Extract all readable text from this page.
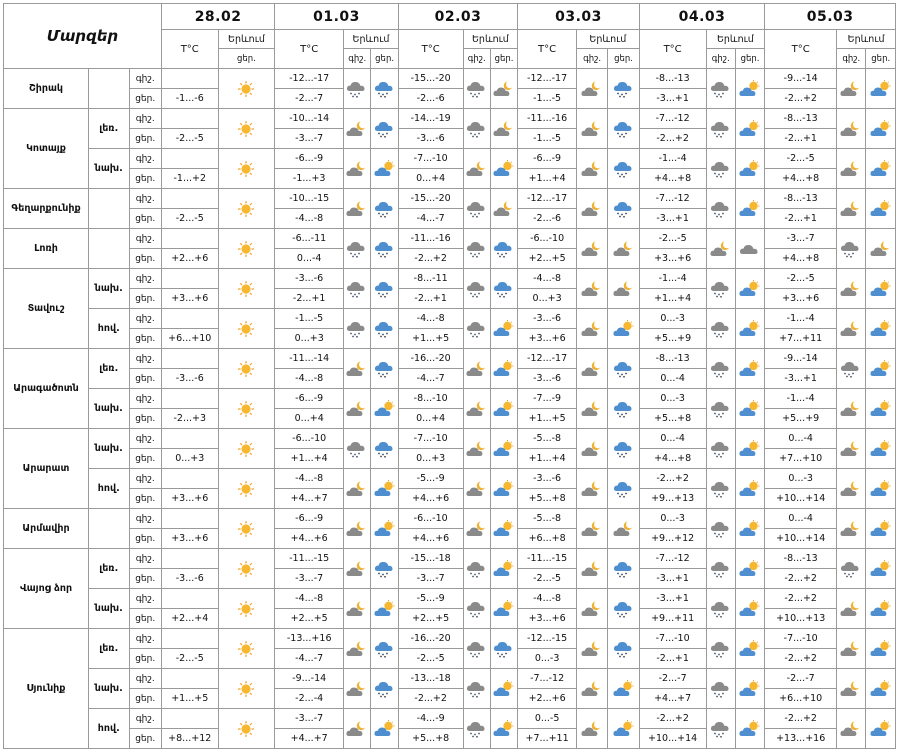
Մարզեր			28.02		01.03			02.03			03.03			04.03			05.03		
			T°C	Երևում	T°C	Երևում		T°C	Երևում		T°C	Երևում		T°C	Երևում		T°C	Երևում	
				ցեր.		գիշ.	ցեր.		գիշ.	ցեր.		գիշ.	ցեր.		գիշ.	ցեր.		գիշ.	ցեր.
Շիրակ		գիշ.			-12...-17			-15...-20			-12...-17			-8...-13			-9...-14	

		ցեր.	-1...-6		-2...-7			-2...-6			-1...-5			-3...+1			-2...+2		
Կոտայք	լեռ.	գիշ.			-10...-14			-14...-19			-11...-16			-7...-12			-8...-13	

		ցեր.	-2...-5		-3...-7			-3...-6			-1...-5			-2...+2			-2...+1		
	նախ.	գիշ.			-6...-9			-7...-10			-6...-9			-1...-4			-2...-5	

		ցեր.	-1...+2		-1...+3			0...+4			+1...+4			+4...+8			+4...+8		
Գեղարքունիք		գիշ.			-10...-15			-15...-20			-12...-17			-7...-12			-8...-13	

		ցեր.	-2...-5		-4...-8			-4...-7			-2...-6			-3...+1			-2...+1		
Լոռի		գիշ.			-6...-11			-11...-16			-6...-10			-2...-5			-3...-7	

		ցեր.	+2...+6		0...-4			-2...+2			+2...+5			+3...+6			+4...+8		
Տավուշ	նախ.	գիշ.			-3...-6			-8...-11			-4...-8			-1...-4			-2...-5	

		ցեր.	+3...+6		-2...+1			-2...+1			0...+3			+1...+4			+3...+6		
	հով.	գիշ.			-1...-5			-4...-8			-3...-6			0...-3			-1...-4	

		ցեր.	+6...+10		0...+3			+1...+5			+3...+6			+5...+9			+7...+11		
Արագածոտն	լեռ.	գիշ.			-11...-14			-16...-20			-12...-17			-8...-13			-9...-14	

		ցեր.	-3...-6		-4...-8			-4...-7			-3...-6			0...-4			-3...+1		
	նախ.	գիշ.			-6...-9			-8...-10			-7...-9			0...-3			-1...-4	

		ցեր.	-2...+3		0...+4			0...+4			+1...+5			+5...+8			+5...+9		
Արարատ	նախ.	գիշ.			-6...-10			-7...-10			-5...-8			0...-4			0...-4	

		ցեր.	0...+3		+1...+4			0...+3			+1...+4			+4...+8			+7...+10		
	հով.	գիշ.			-4...-8			-5...-9			-3...-6			-2...+2			0...-3	

		ցեր.	+3...+6		+4...+7			+4...+6			+5...+8			+9...+13			+10...+14		
Արմավիր		գիշ.			-6...-9			-6...-10			-5...-8			0...-3			0...-4	

		ցեր.	+3...+6		+4...+6			+4...+6			+6...+8			+9...+12			+10...+14		
Վայոց ձոր	լեռ.	գիշ.			-11...-15			-15...-18			-11...-15			-7...-12			-8...-13	

		ցեր.	-3...-6		-3...-7			-3...-7			-2...-5			-3...+1			-2...+2		
	նախ.	գիշ.			-4...-8			-5...-9			-4...-8			-3...+1			-2...+2	

		ցեր.	+2...+4		+2...+5			+2...+5			+3...+6			+9...+11			+10...+13		
Սյունիք	լեռ.	գիշ.			-13...+16			-16...-20			-12...-15			-7...-10			-7...-10	

		ցեր.	-2...-5		-4...-7			-2...-5			0...-3			-2...+1			-2...+2		
	նախ.	գիշ.			-9...-14			-13...-18			-7...-12			-2...-7			-2...-7	

		ցեր.	+1...+5		-2...-4			-2...+2			+2...+6			+4...+7			+6...+10		
	հով.	գիշ.			-3...-7			-4...-9			0...-5			-2...+2			-2...+2	

		ցեր.	+8...+12		+4...+7			+5...+8			+7...+11			+10...+14			+13...+16		
